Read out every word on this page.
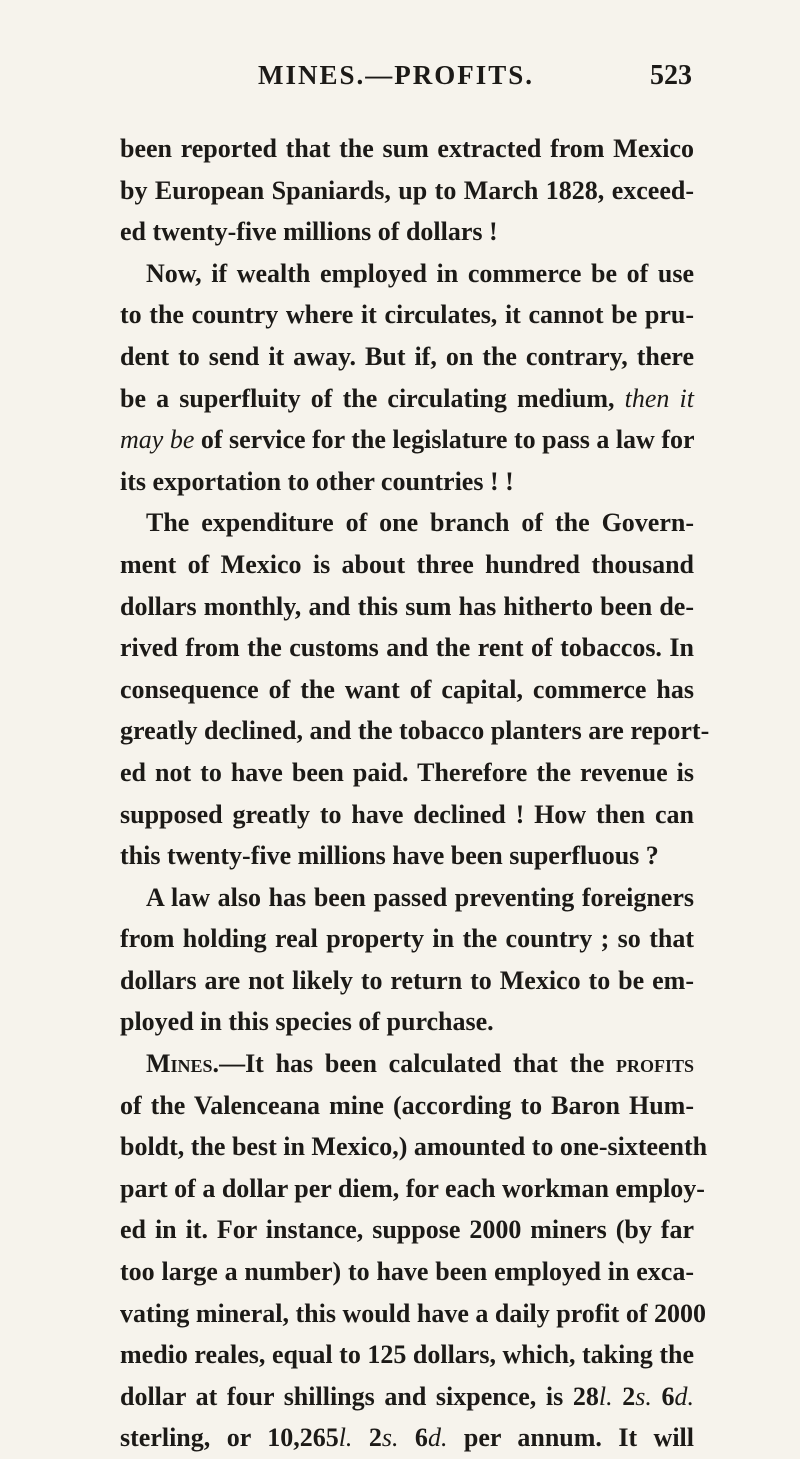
MINES.—PROFITS.	523
been reported that the sum extracted from Mexico
by European Spaniards, up to March 1828, exceed-
ed twenty-five millions of dollars !
Now, if wealth employed in commerce be of use
to the country where it circulates, it cannot be pru-
dent to send it away. But if, on the contrary, there
be a superfluity of the circulating medium, then it
may be of service for the legislature to pass a law for
its exportation to other countries ! !
The expenditure of one branch of the Govern-
ment of Mexico is about three hundred thousand
dollars monthly, and this sum has hitherto been de-
rived from the customs and the rent of tobaccos. In
consequence of the want of capital, commerce has
greatly declined, and the tobacco planters are report-
ed not to have been paid. Therefore the revenue is
supposed greatly to have declined ! How then can
this twenty-five millions have been superfluous ?
A law also has been passed preventing foreigners
from holding real property in the country ; so that
dollars are not likely to return to Mexico to be em-
ployed in this species of purchase.
Mines.—It has been calculated that the profits
of the Valenceana mine (according to Baron Hum-
boldt, the best in Mexico,) amounted to one-sixteenth
part of a dollar per diem, for each workman employ-
ed in it. For instance, suppose 2000 miners (by far
too large a number) to have been employed in exca-
vating mineral, this would have a daily profit of 2000
medio reales, equal to 125 dollars, which, taking the
dollar at four shillings and sixpence, is 28l. 2s. 6d.
sterling, or 10,265l. 2s. 6d. per annum. It will
